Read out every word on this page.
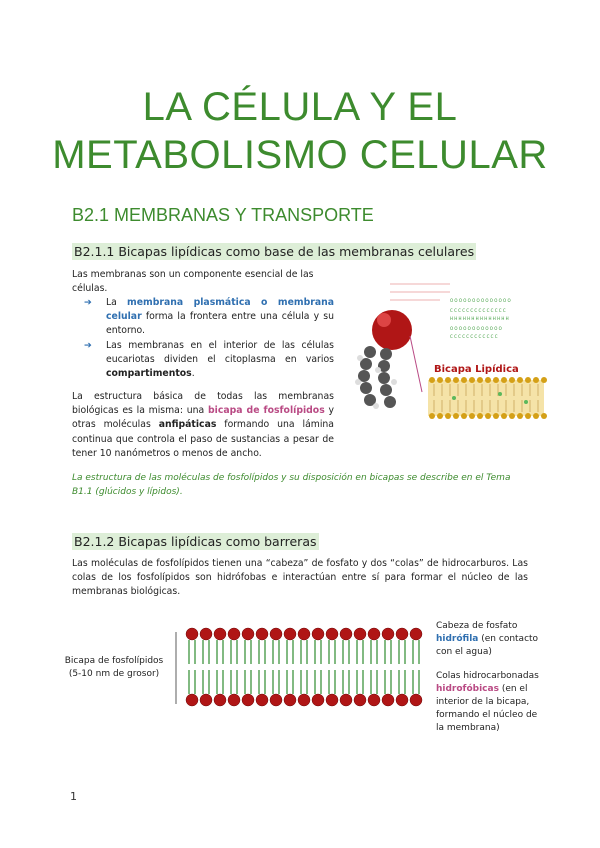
LA CÉLULA Y EL
METABOLISMO CELULAR
B2.1 MEMBRANAS Y TRANSPORTE
B2.1.1 Bicapas lipídicas como base de las membranas celulares
Las membranas son un componente esencial de las
células.
➔ La membrana plasmática o membrana celular forma la frontera entre una célula y su entorno.
➔ Las membranas en el interior de las células eucariotas dividen el citoplasma en varios compartimentos.
La estructura básica de todas las membranas biológicas es la misma: una bicapa de fosfolípidos y otras moléculas anfipáticas formando una lámina continua que controla el paso de sustancias a pesar de tener 10 nanómetros o menos de ancho.
O O O O O O O O O O O O O O
C C C C C C C C C C C C C C
H H H H H H H H H H H H H H
O O O O O O O O O O O O
C C C C C C C C C C C C
Bicapa Lipídica
La estructura de las moléculas de fosfolípidos y su disposición en bicapas se describe en el Tema B1.1 (glúcidos y lípidos).
B2.1.2 Bicapas lipídicas como barreras
Las moléculas de fosfolípidos tienen una “cabeza” de fosfato y dos “colas” de hidrocarburos. Las colas de los fosfolípidos son hidrófobas e interactúan entre sí para formar el núcleo de las membranas biológicas.
Bicapa de fosfolípidos
(5-10 nm de grosor)
Cabeza de fosfato
hidrófila (en contacto
con el agua)
Colas hidrocarbonadas
hidrofóbicas (en el
interior de la bicapa,
formando el núcleo de
la membrana)
1
